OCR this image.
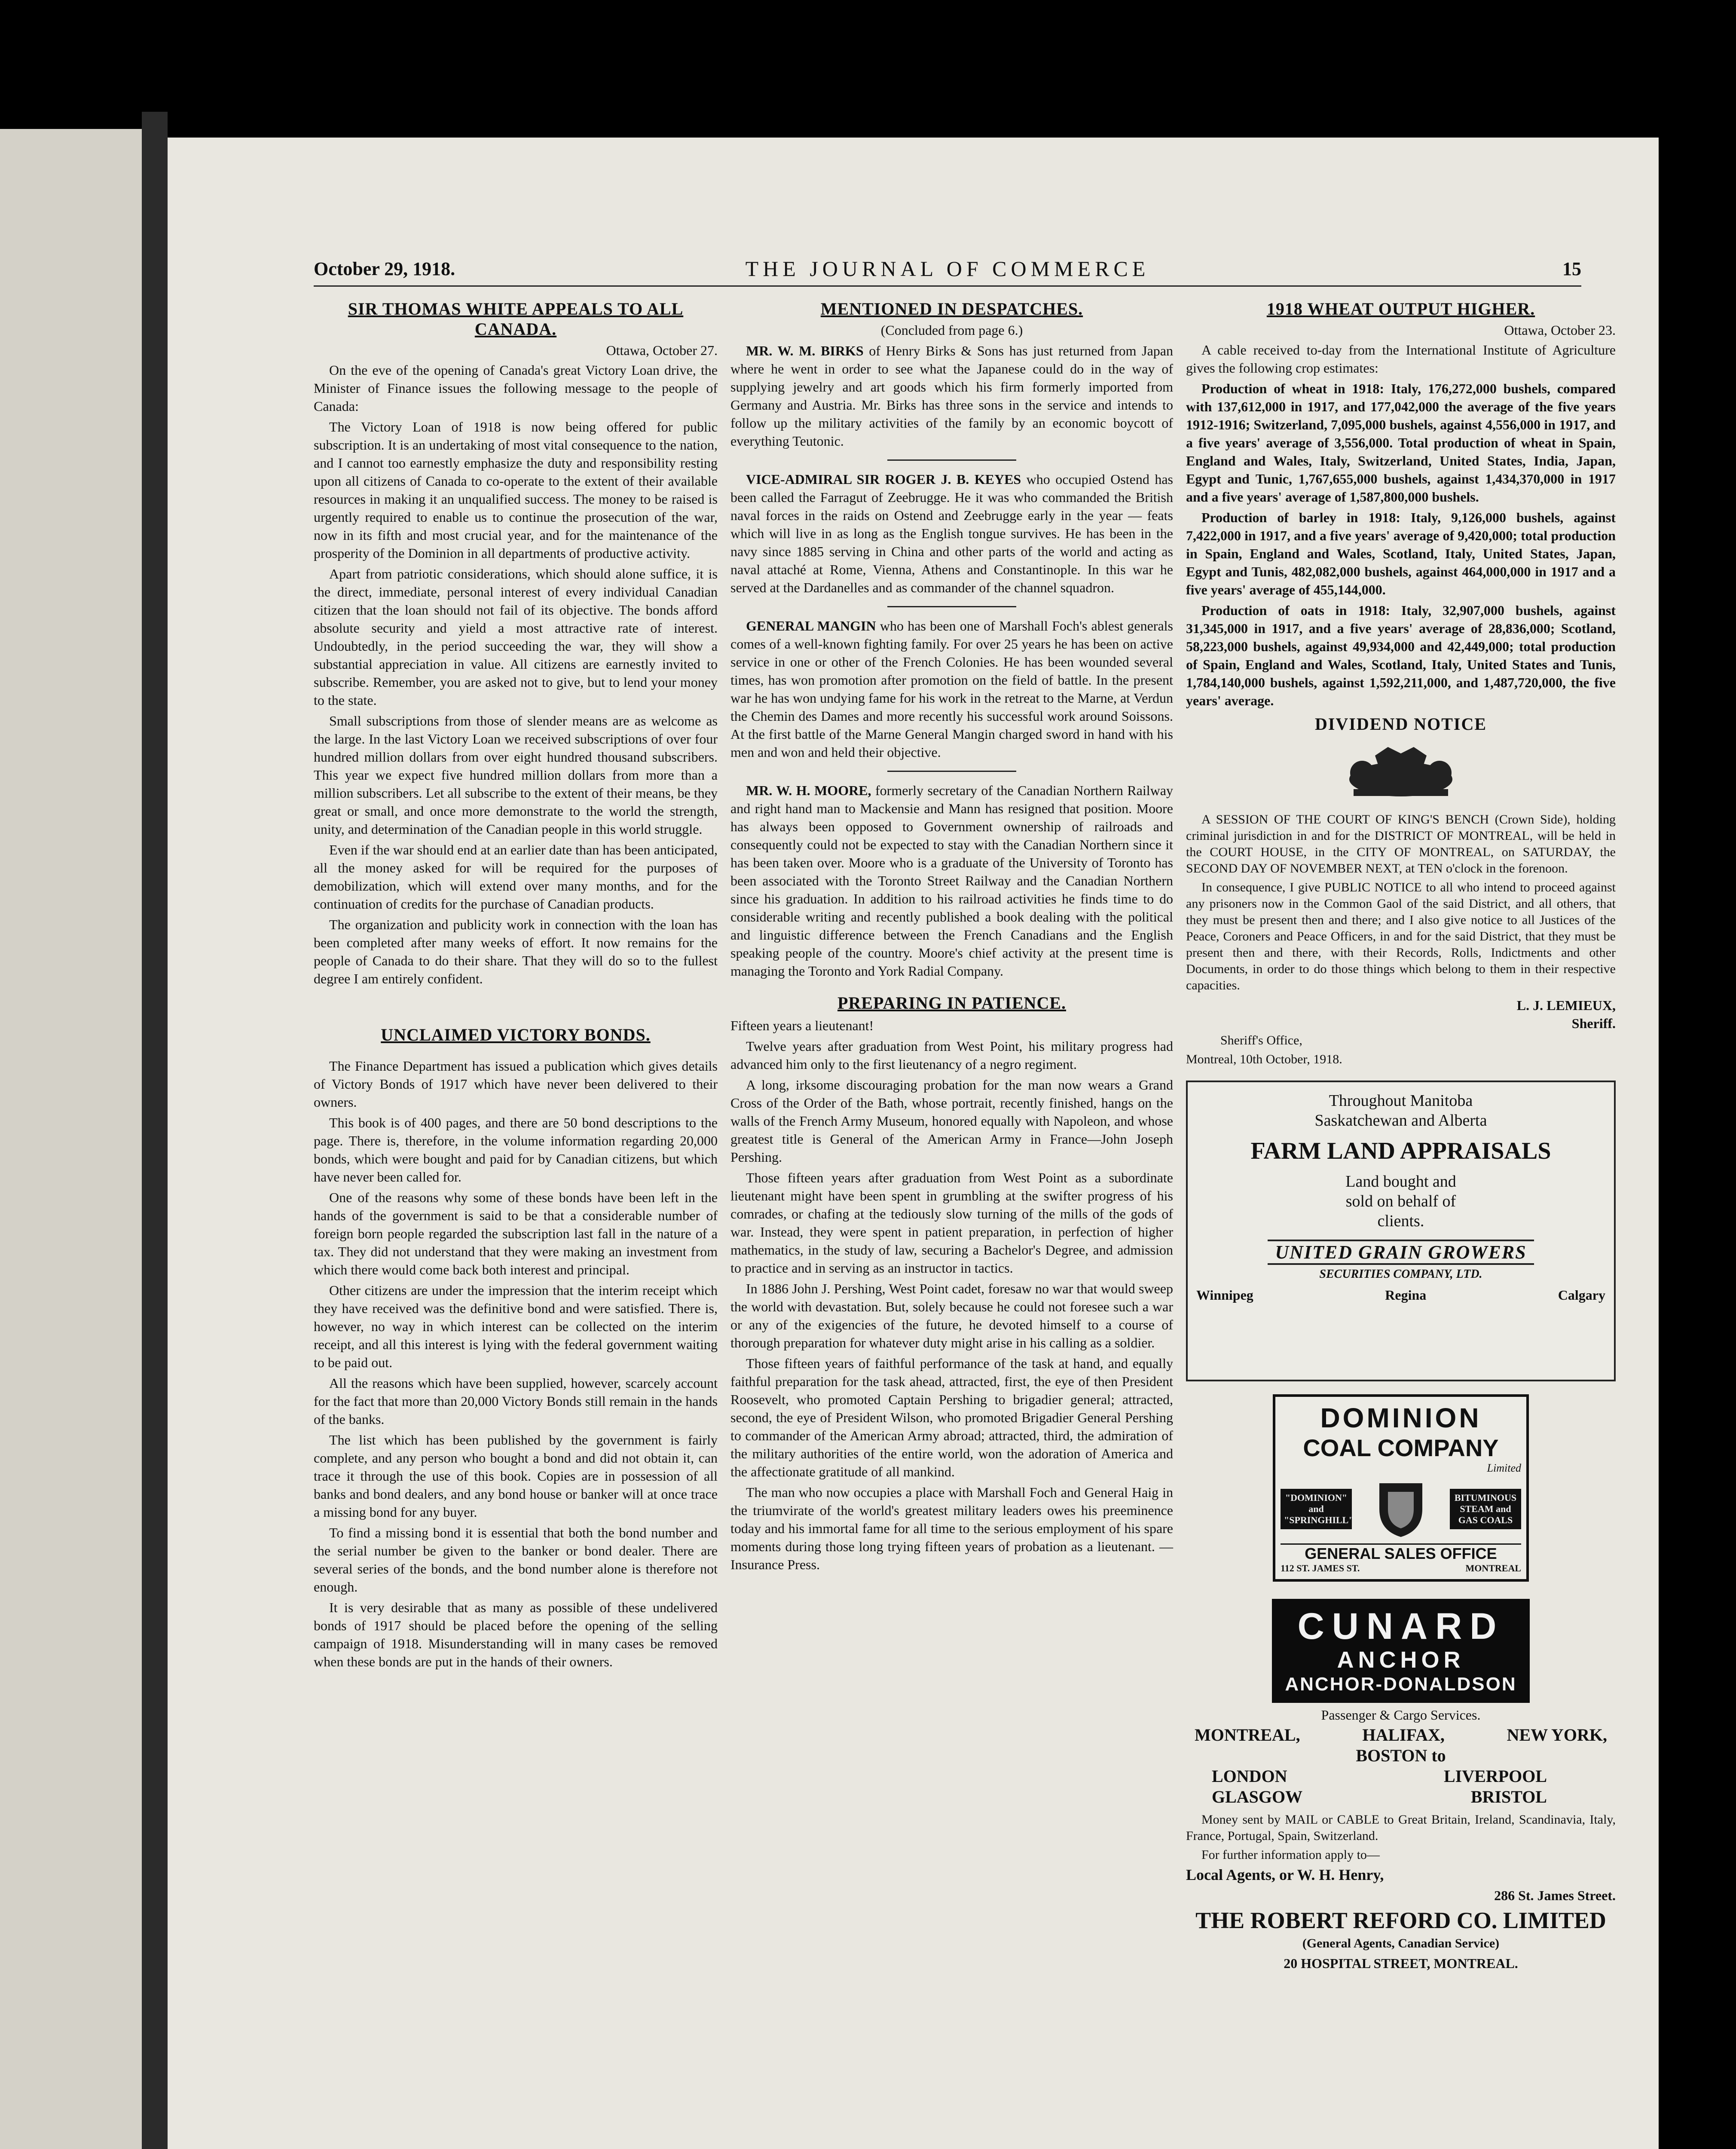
October 29, 1918.	THE JOURNAL OF COMMERCE	15
SIR THOMAS WHITE APPEALS TO ALL CANADA.
Ottawa, October 27.

On the eve of the opening of Canada's great Victory Loan drive, the Minister of Finance issues the following message to the people of Canada:

The Victory Loan of 1918 is now being offered for public subscription. It is an undertaking of most vital consequence to the nation, and I cannot too earnestly emphasize the duty and responsibility resting upon all citizens of Canada to co-operate to the extent of their available resources in making it an unqualified success. The money to be raised is urgently required to enable us to continue the prosecution of the war, now in its fifth and most crucial year, and for the maintenance of the prosperity of the Dominion in all departments of productive activity.

Apart from patriotic considerations, which should alone suffice, it is the direct, immediate, personal interest of every individual Canadian citizen that the loan should not fail of its objective. The bonds afford absolute security and yield a most attractive rate of interest. Undoubtedly, in the period succeeding the war, they will show a substantial appreciation in value. All citizens are earnestly invited to subscribe. Remember, you are asked not to give, but to lend your money to the state.

Small subscriptions from those of slender means are as welcome as the large. In the last Victory Loan we received subscriptions of over four hundred million dollars from over eight hundred thousand subscribers. This year we expect five hundred million dollars from more than a million subscribers. Let all subscribe to the extent of their means, be they great or small, and once more demonstrate to the world the strength, unity, and determination of the Canadian people in this world struggle.

Even if the war should end at an earlier date than has been anticipated, all the money asked for will be required for the purposes of demobilization, which will extend over many months, and for the continuation of credits for the purchase of Canadian products.

The organization and publicity work in connection with the loan has been completed after many weeks of effort. It now remains for the people of Canada to do their share. That they will do so to the fullest degree I am entirely confident.

UNCLAIMED VICTORY BONDS.

The Finance Department has issued a publication which gives details of Victory Bonds of 1917 which have never been delivered to their owners.

This book is of 400 pages, and there are 50 bond descriptions to the page. There is, therefore, in the volume information regarding 20,000 bonds, which were bought and paid for by Canadian citizens, but which have never been called for.

One of the reasons why some of these bonds have been left in the hands of the government is said to be that a considerable number of foreign born people regarded the subscription last fall in the nature of a tax. They did not understand that they were making an investment from which there would come back both interest and principal.

Other citizens are under the impression that the interim receipt which they have received was the definitive bond and were satisfied. There is, however, no way in which interest can be collected on the interim receipt, and all this interest is lying with the federal government waiting to be paid out.

All the reasons which have been supplied, however, scarcely account for the fact that more than 20,000 Victory Bonds still remain in the hands of the banks.

The list which has been published by the government is fairly complete, and any person who bought a bond and did not obtain it, can trace it through the use of this book. Copies are in possession of all banks and bond dealers, and any bond house or banker will at once trace a missing bond for any buyer.

To find a missing bond it is essential that both the bond number and the serial number be given to the banker or bond dealer. There are several series of the bonds, and the bond number alone is therefore not enough.

It is very desirable that as many as possible of these undelivered bonds of 1917 should be placed before the opening of the selling campaign of 1918. Misunderstanding will in many cases be removed when these bonds are put in the hands of their owners.

MENTIONED IN DESPATCHES.
(Concluded from page 6.)

MR. W. M. BIRKS of Henry Birks & Sons has just returned from Japan where he went in order to see what the Japanese could do in the way of supplying jewelry and art goods which his firm formerly imported from Germany and Austria. Mr. Birks has three sons in the service and intends to follow up the military activities of the family by an economic boycott of everything Teutonic.

VICE-ADMIRAL SIR ROGER J. B. KEYES who occupied Ostend has been called the Farragut of Zeebrugge. He it was who commanded the British naval forces in the raids on Ostend and Zeebrugge early in the year — feats which will live in as long as the English tongue survives. He has been in the navy since 1885 serving in China and other parts of the world and acting as naval attaché at Rome, Vienna, Athens and Constantinople. In this war he served at the Dardanelles and as commander of the channel squadron.

GENERAL MANGIN who has been one of Marshall Foch's ablest generals comes of a well-known fighting family. For over 25 years he has been on active service in one or other of the French Colonies. He has been wounded several times, has won promotion after promotion on the field of battle. In the present war he has won undying fame for his work in the retreat to the Marne, at Verdun the Chemin des Dames and more recently his successful work around Soissons. At the first battle of the Marne General Mangin charged sword in hand with his men and won and held their objective.

MR. W. H. MOORE, formerly secretary of the Canadian Northern Railway and right hand man to Mackensie and Mann has resigned that position. Moore has always been opposed to Government ownership of railroads and consequently could not be expected to stay with the Canadian Northern since it has been taken over. Moore who is a graduate of the University of Toronto has been associated with the Toronto Street Railway and the Canadian Northern since his graduation. In addition to his railroad activities he finds time to do considerable writing and recently published a book dealing with the political and linguistic difference between the French Canadians and the English speaking people of the country. Moore's chief activity at the present time is managing the Toronto and York Radial Company.

PREPARING IN PATIENCE.

Fifteen years a lieutenant!

Twelve years after graduation from West Point, his military progress had advanced him only to the first lieutenancy of a negro regiment.

A long, irksome discouraging probation for the man now wears a Grand Cross of the Order of the Bath, whose portrait, recently finished, hangs on the walls of the French Army Museum, honored equally with Napoleon, and whose greatest title is General of the American Army in France—John Joseph Pershing.

Those fifteen years after graduation from West Point as a subordinate lieutenant might have been spent in grumbling at the swifter progress of his comrades, or chafing at the tediously slow turning of the mills of the gods of war. Instead, they were spent in patient preparation, in perfection of higher mathematics, in the study of law, securing a Bachelor's Degree, and admission to practice and in serving as an instructor in tactics.

In 1886 John J. Pershing, West Point cadet, foresaw no war that would sweep the world with devastation. But, solely because he could not foresee such a war or any of the exigencies of the future, he devoted himself to a course of thorough preparation for whatever duty might arise in his calling as a soldier.

Those fifteen years of faithful performance of the task at hand, and equally faithful preparation for the task ahead, attracted, first, the eye of then President Roosevelt, who promoted Captain Pershing to brigadier general; attracted, second, the eye of President Wilson, who promoted Brigadier General Pershing to commander of the American Army abroad; attracted, third, the admiration of the military authorities of the entire world, won the adoration of America and the affectionate gratitude of all mankind.

The man who now occupies a place with Marshall Foch and General Haig in the triumvirate of the world's greatest military leaders owes his preeminence today and his immortal fame for all time to the serious employment of his spare moments during those long trying fifteen years of probation as a lieutenant. —Insurance Press.

1918 WHEAT OUTPUT HIGHER.
Ottawa, October 23.

A cable received to-day from the International Institute of Agriculture gives the following crop estimates:

Production of wheat in 1918: Italy, 176,272,000 bushels, compared with 137,612,000 in 1917, and 177,042,000 the average of the five years 1912-1916; Switzerland, 7,095,000 bushels, against 4,556,000 in 1917, and a five years' average of 3,556,000. Total production of wheat in Spain, England and Wales, Italy, Switzerland, United States, India, Japan, Egypt and Tunic, 1,767,655,000 bushels, against 1,434,370,000 in 1917 and a five years' average of 1,587,800,000 bushels.

Production of barley in 1918: Italy, 9,126,000 bushels, against 7,422,000 in 1917, and a five years' average of 9,420,000; total production in Spain, England and Wales, Scotland, Italy, United States, Japan, Egypt and Tunis, 482,082,000 bushels, against 464,000,000 in 1917 and a five years' average of 455,144,000.

Production of oats in 1918: Italy, 32,907,000 bushels, against 31,345,000 in 1917, and a five years' average of 28,836,000; Scotland, 58,223,000 bushels, against 49,934,000 and 42,449,000; total production of Spain, England and Wales, Scotland, Italy, United States and Tunis, 1,784,140,000 bushels, against 1,592,211,000, and 1,487,720,000, the five years' average.

DIVIDEND NOTICE

A SESSION OF THE COURT OF KING'S BENCH (Crown Side), holding criminal jurisdiction in and for the DISTRICT OF MONTREAL, will be held in the COURT HOUSE, in the CITY OF MONTREAL, on SATURDAY, the SECOND DAY OF NOVEMBER NEXT, at TEN o'clock in the forenoon.

In consequence, I give PUBLIC NOTICE to all who intend to proceed against any prisoners now in the Common Gaol of the said District, and all others, that they must be present then and there; and I also give notice to all Justices of the Peace, Coroners and Peace Officers, in and for the said District, that they must be present then and there, with their Records, Rolls, Indictments and other Documents, in order to do those things which belong to them in their respective capacities.

L. J. LEMIEUX,

Sheriff.

Sheriff's Office,

Montreal, 10th October, 1918.

Throughout Manitoba
Saskatchewan and Alberta
FARM LAND APPRAISALS
Land bought and
sold on behalf of
clients.
UNITED GRAIN GROWERS
SECURITIES COMPANY, LTD.
Winnipeg	Regina	Calgary
DOMINION
COAL COMPANY
Limited
"DOMINION" and "SPRINGHILL"
BITUMINOUS STEAM and GAS COALS
GENERAL SALES OFFICE
112 ST. JAMES ST.	MONTREAL
CUNARD
ANCHOR
ANCHOR-DONALDSON
Passenger & Cargo Services.
MONTREAL,	HALIFAX,	NEW YORK,
BOSTON to
LONDON	LIVERPOOL
GLASGOW	BRISTOL

Money sent by MAIL or CABLE to Great Britain, Ireland, Scandinavia, Italy, France, Portugal, Spain, Switzerland.

For further information apply to—

Local Agents, or W. H. Henry,

286 St. James Street.

THE ROBERT REFORD CO. LIMITED

(General Agents, Canadian Service)

20 HOSPITAL STREET, MONTREAL.
